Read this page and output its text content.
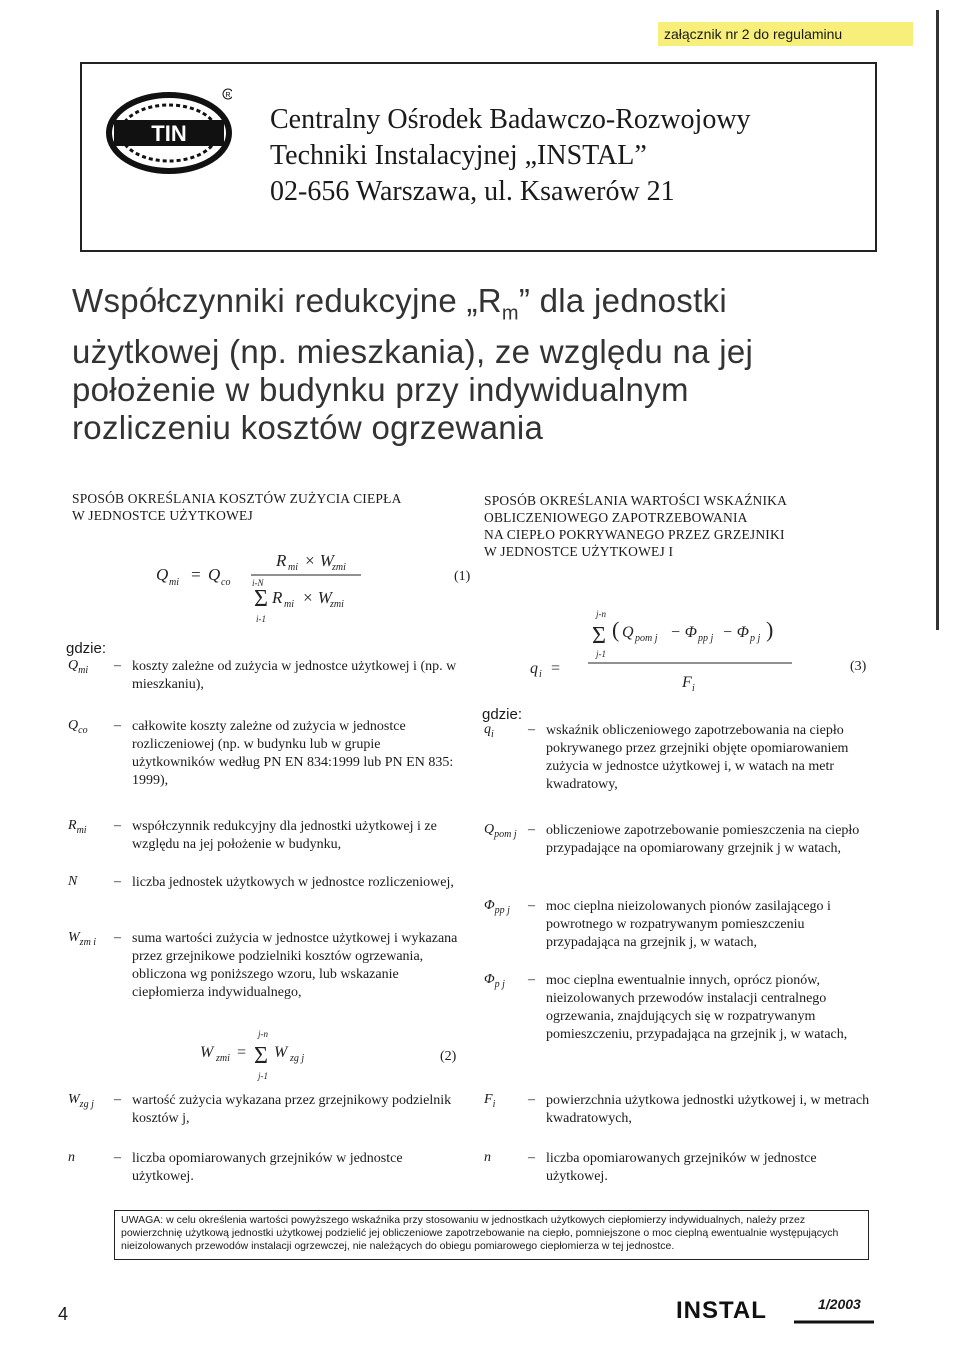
załącznik nr 2 do regulaminu
TIN
R
Centralny Ośrodek Badawczo-Rozwojowy
Techniki Instalacyjnej „INSTAL”
02-656 Warszawa, ul. Ksawerów 21
Współczynniki redukcyjne $„R_m$” dla jednostki
użytkowej (np. mieszkania), ze względu na jej
położenie w budynku przy indywidualnym
rozliczeniu kosztów ogrzewania
SPOSÓB OKREŚLANIA KOSZTÓW ZUŻYCIA CIEPŁA
W JEDNOSTCE UŻYTKOWEJ
Q mi = Q co
R mi × W
zmi
i-N
Σ R mi × W
zmi
i-1
(1)
gdzie:
$Q_{mi}$ – koszty zależne od zużycia w jednostce użytkowej i (np. w mieszkaniu),
$Q_{co}$ – całkowite koszty zależne od zużycia w jednostce rozliczeniowej (np. w budynku lub w grupie użytkowników według PN EN 834:1999 lub PN EN 835: 1999),
$R_{mi}$ – współczynnik redukcyjny dla jednostki użytkowej i ze względu na jej położenie w budynku,
N	– liczba jednostek użytkowych w jednostce rozliczeniowej,
$W_{zm i}$ – suma wartości zużycia w jednostce użytkowej i wykazana przez grzejnikowe podzielniki kosztów ogrzewania, obliczona wg poniższego wzoru, lub wskazanie ciepłomierza indywidualnego,
$W_{zg j}$ – wartość zużycia wykazana przez grzejnikowy podzielnik kosztów j,
n	– liczba opomiarowanych grzejników w jednostce użytkowej.
W zmi =
j-n
Σ
j-1
W zg j	(2)
SPOSÓB OKREŚLANIA WARTOŚCI WSKAŹNIKA
OBLICZENIOWEGO ZAPOTRZEBOWANIA
NA CIEPŁO POKRYWANEGO PRZEZ GRZEJNIKI
W JEDNOSTCE UŻYTKOWEJ I
j-n
Σ
j-1
( Q pom j − Φ pp j − Φ p j )
q i =
F i
(3)
gdzie:
$q_i$ – wskaźnik obliczeniowego zapotrzebowania na ciepło pokrywanego przez grzejniki objęte opomiarowaniem zużycia w jednostce użytkowej i, w watach na metr kwadratowy,
$Q_{pom j}$ – obliczeniowe zapotrzebowanie pomieszczenia na ciepło przypadające na opomiarowany grzejnik j w watach,
$\Phi_{pp j}$ – moc cieplna nieizolowanych pionów zasilającego i powrotnego w rozpatrywanym pomieszczeniu przypadająca na grzejnik j, w watach,
$\Phi_{p j}$ – moc cieplna ewentualnie innych, oprócz pionów, nieizolowanych przewodów instalacji centralnego ogrzewania, znajdujących się w rozpatrywanym pomieszczeniu, przypadająca na grzejnik j, w watach,
$F_i$ – powierzchnia użytkowa jednostki użytkowej i, w metrach kwadratowych,
n	– liczba opomiarowanych grzejników w jednostce użytkowej.
UWAGA: w celu określenia wartości powyższego wskaźnika przy stosowaniu w jednostkach użytkowych ciepłomierzy indywidualnych, należy przez powierzchnię użytkową jednostki użytkowej podzielić jej obliczeniowe zapotrzebowanie na ciepło, pomniejszone o moc cieplną ewentualnie występujących nieizolowanych przewodów instalacji ogrzewczej, nie należących do obiegu pomiarowego ciepłomierza w tej jednostce.
4	INSTAL	1/2003
